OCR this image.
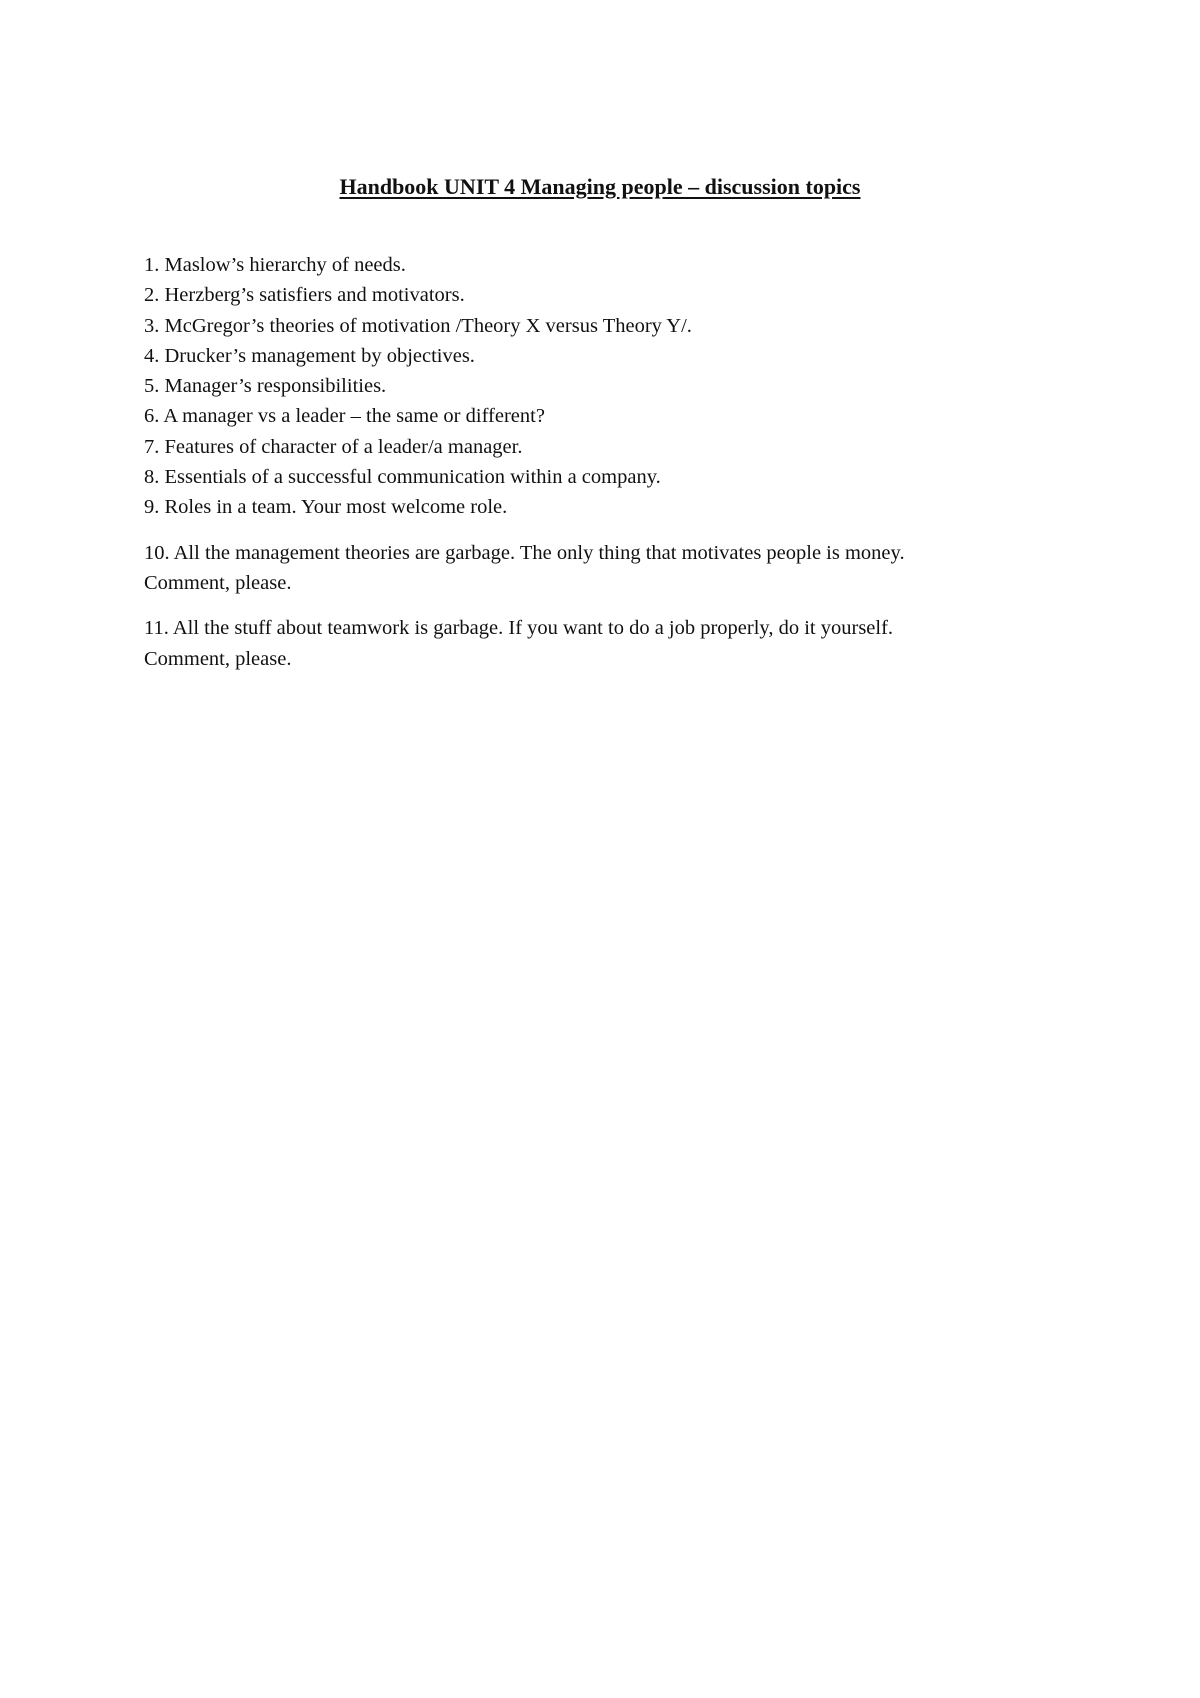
Handbook UNIT 4 Managing people – discussion topics
1. Maslow’s hierarchy of needs.
2. Herzberg’s satisfiers and motivators.
3. McGregor’s theories of motivation /Theory X versus Theory Y/.
4. Drucker’s management by objectives.
5. Manager’s responsibilities.
6. A manager vs a leader – the same or different?
7. Features of character of a leader/a manager.
8. Essentials of a successful communication within a company.
9. Roles in a team. Your most welcome role.
10. All the management theories are garbage. The only thing that motivates people is money.
Comment, please.
11. All the stuff about teamwork is garbage. If you want to do a job properly, do it yourself.
Comment, please.
